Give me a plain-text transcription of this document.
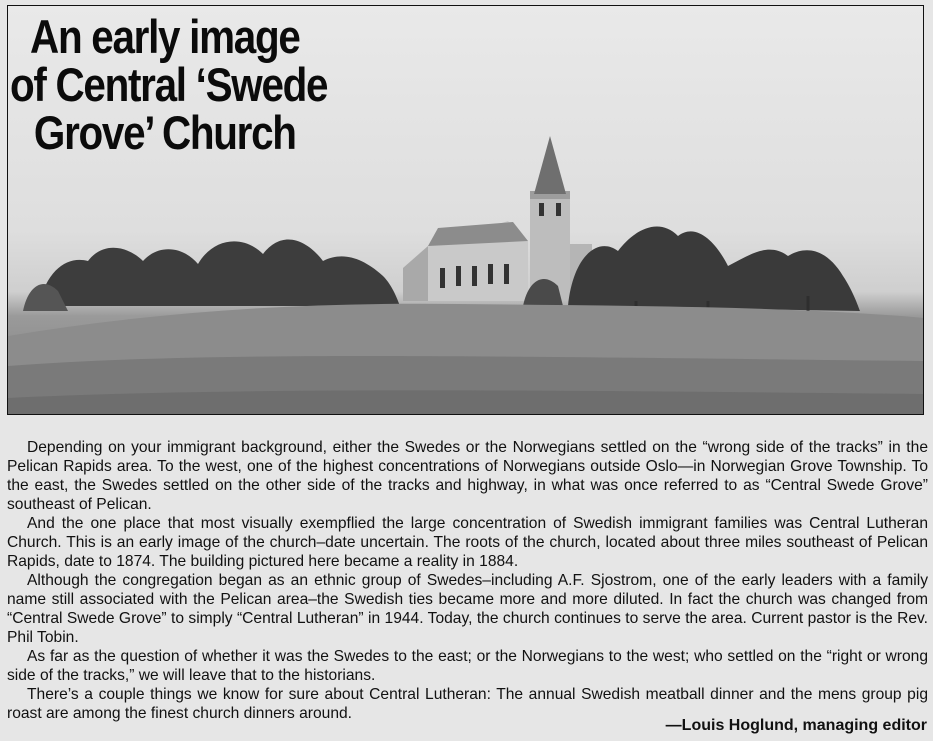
An early image
of Central ‘Swede
Grove’ Church

Depending on your immigrant background, either the Swedes or the Norwegians settled on the “wrong side of the tracks” in the Pelican Rapids area. To the west, one of the highest concentrations of Norwegians outside Oslo—in Norwegian Grove Township. To the east, the Swedes settled on the other side of the tracks and highway, in what was once referred to as “Central Swede Grove” southeast of Pelican.

And the one place that most visually exempflied the large concentration of Swedish immigrant families was Central Lutheran Church. This is an early image of the church–date uncertain. The roots of the church, located about three miles southeast of Pelican Rapids, date to 1874. The building pictured here became a reality in 1884.

Although the congregation began as an ethnic group of Swedes–including A.F. Sjostrom, one of the early leaders with a family name still associated with the Pelican area–the Swedish ties became more and more diluted. In fact the church was changed from “Central Swede Grove” to simply “Central Lutheran” in 1944. Today, the church continues to serve the area. Current pastor is the Rev. Phil Tobin.

As far as the question of whether it was the Swedes to the east; or the Norwegians to the west; who settled on the “right or wrong side of the tracks,” we will leave that to the historians.

There’s a couple things we know for sure about Central Lutheran: The annual Swedish meatball dinner and the mens group pig roast are among the finest church dinners around.

—Louis Hoglund, managing editor
